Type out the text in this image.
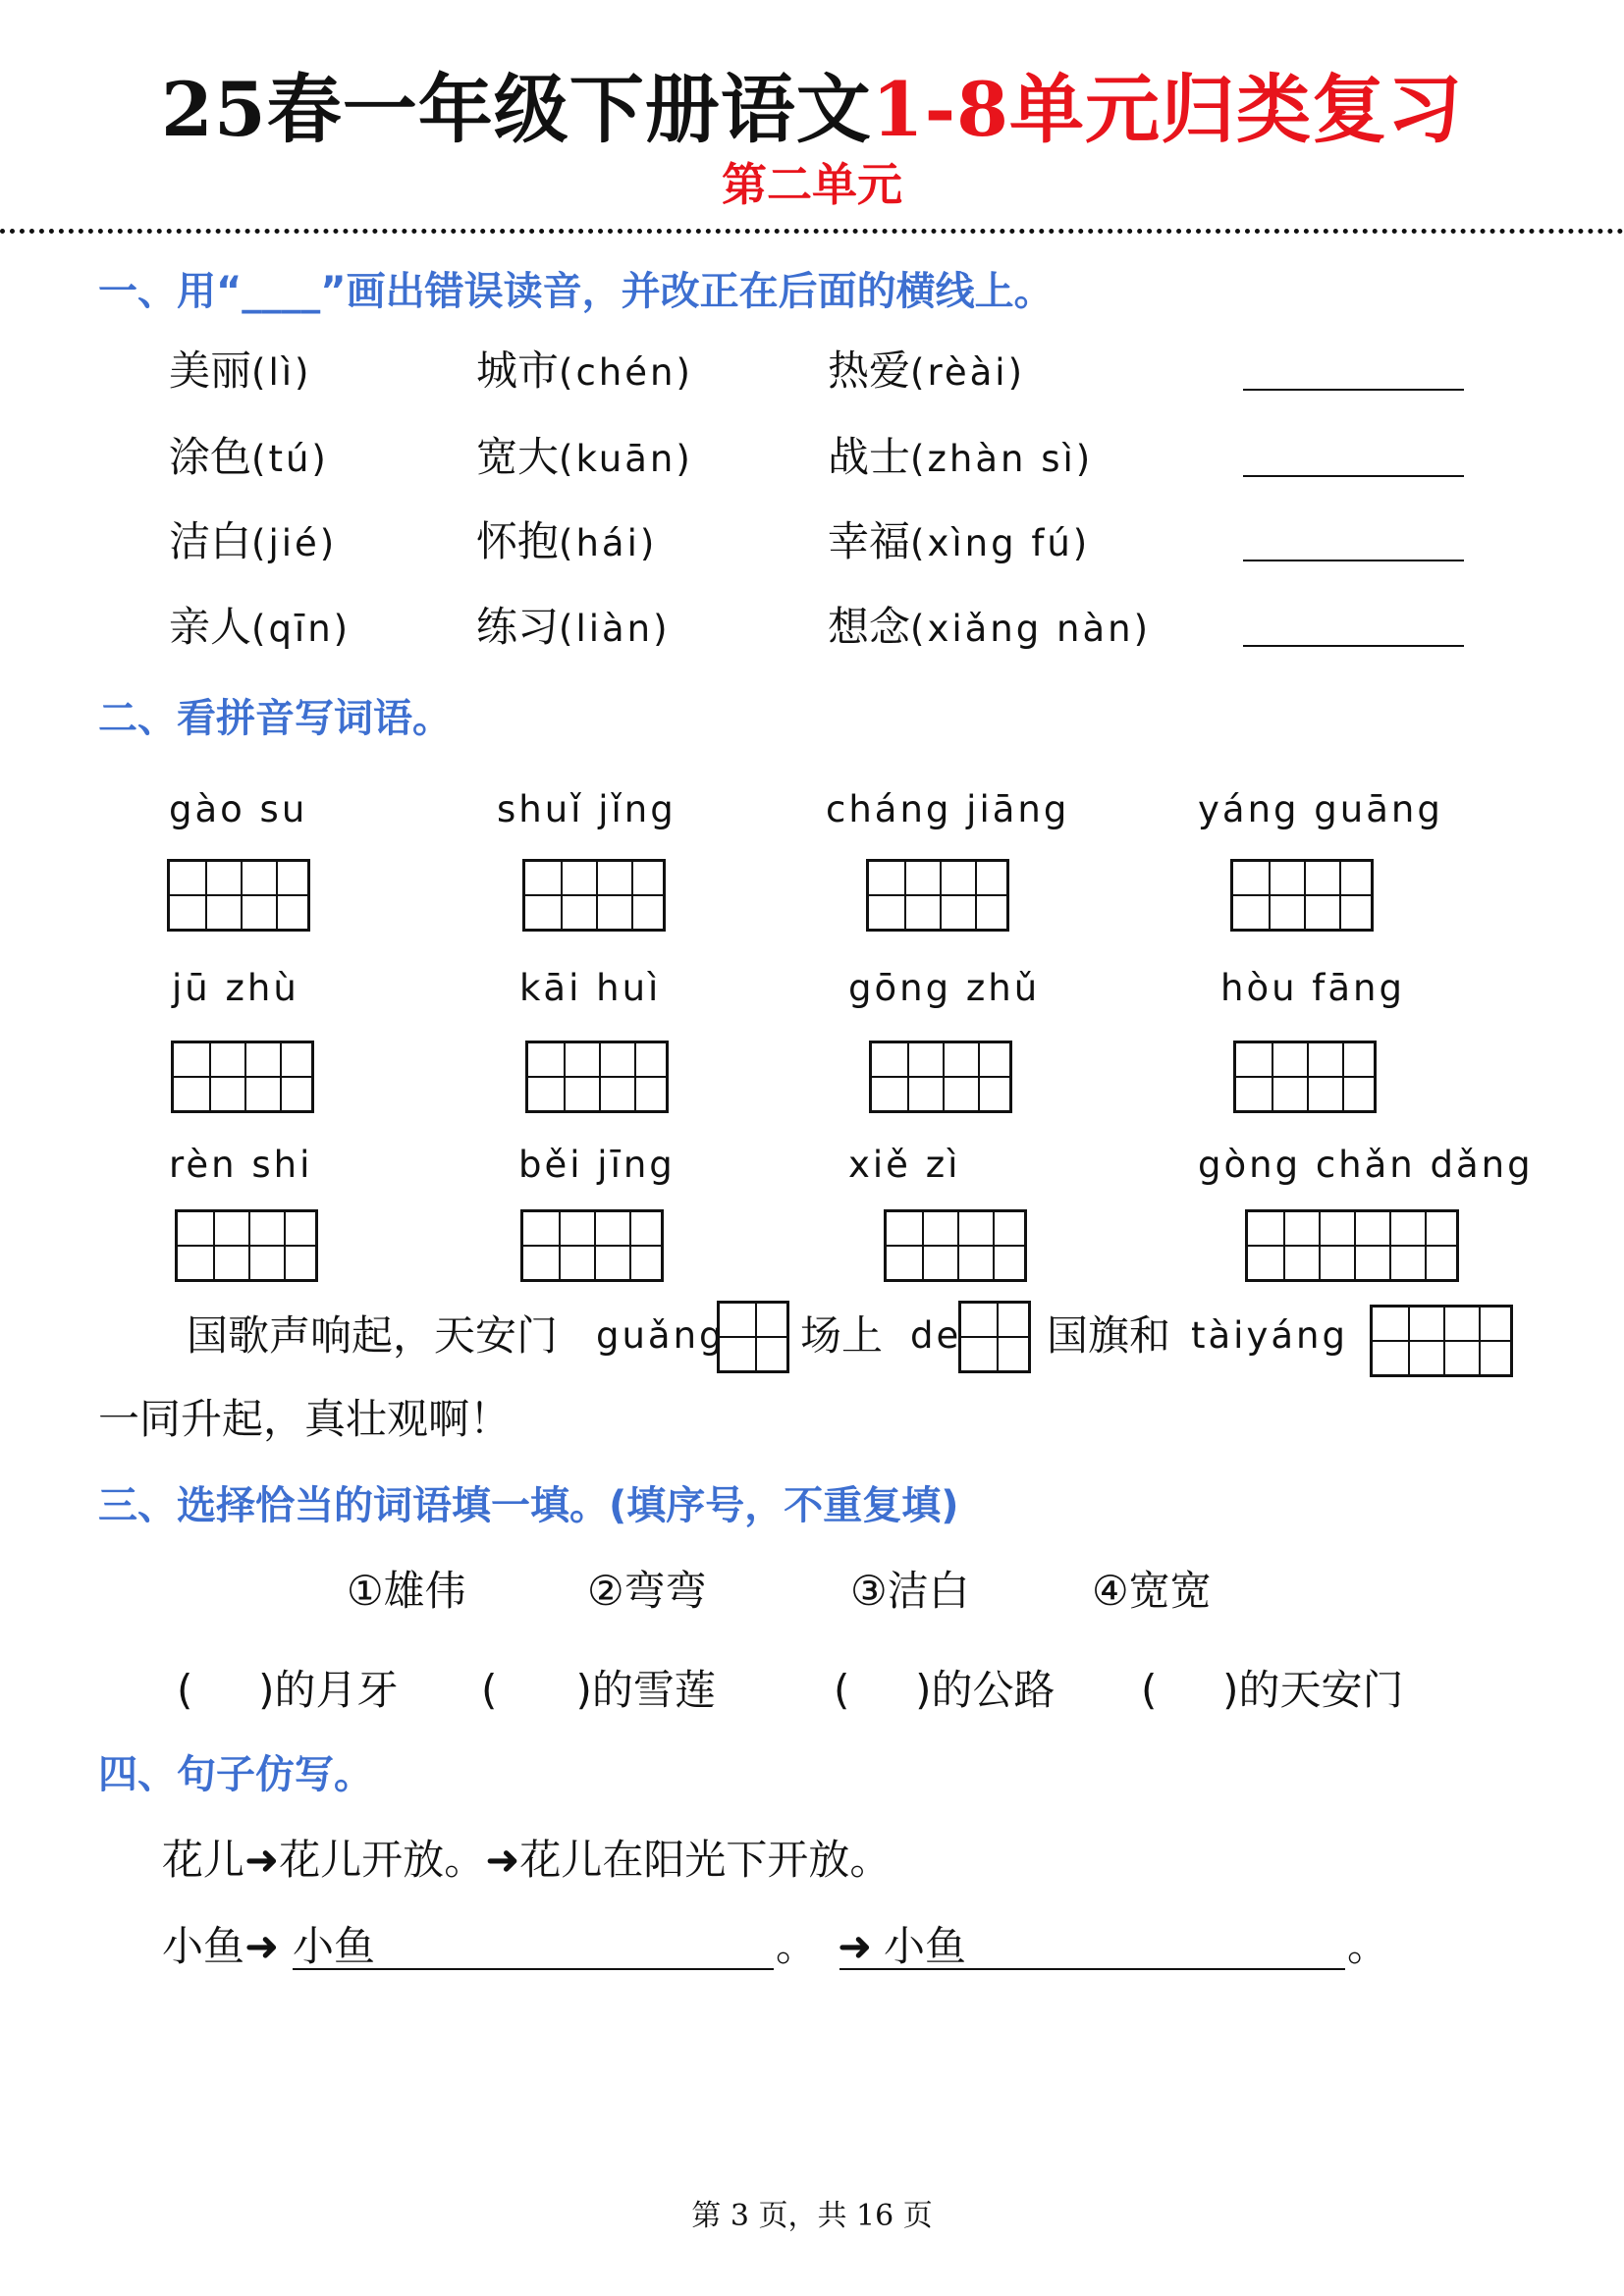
25春一年级下册语文1-8单元归类复习
第二单元
一、用“____”画出错误读音，并改正在后面的横线上。
美丽(lì)	城市(chén)	热爱(rèài)
涂色(tú)	宽大(kuān)	战士(zhàn sì)
洁白(jié)	怀抱(hái)	幸福(xìng fú)
亲人(qīn)	练习(liàn)	想念(xiǎng nàn)
二、看拼音写词语。
gào su	shuǐ jǐng	cháng jiāng	yáng guāng
jū zhù	kāi huì	gōng zhǔ	hòu fāng
rèn shi	běi jīng	xiě zì	gòng chǎn dǎng
国歌声响起，天安门 guǎng 场上 de 国旗和 tàiyáng
一同升起，真壮观啊！
三、选择恰当的词语填一填。(填序号，不重复填)
①雄伟	②弯弯	③洁白	④宽宽
(     )的月牙 (      )的雪莲	(     )的公路 (     )的天安门
四、句子仿写。
花儿➜花儿开放。➜花儿在阳光下开放。
小鱼➜ 小鱼	。 ➜ 小鱼	。
第 3 页，共 16 页
